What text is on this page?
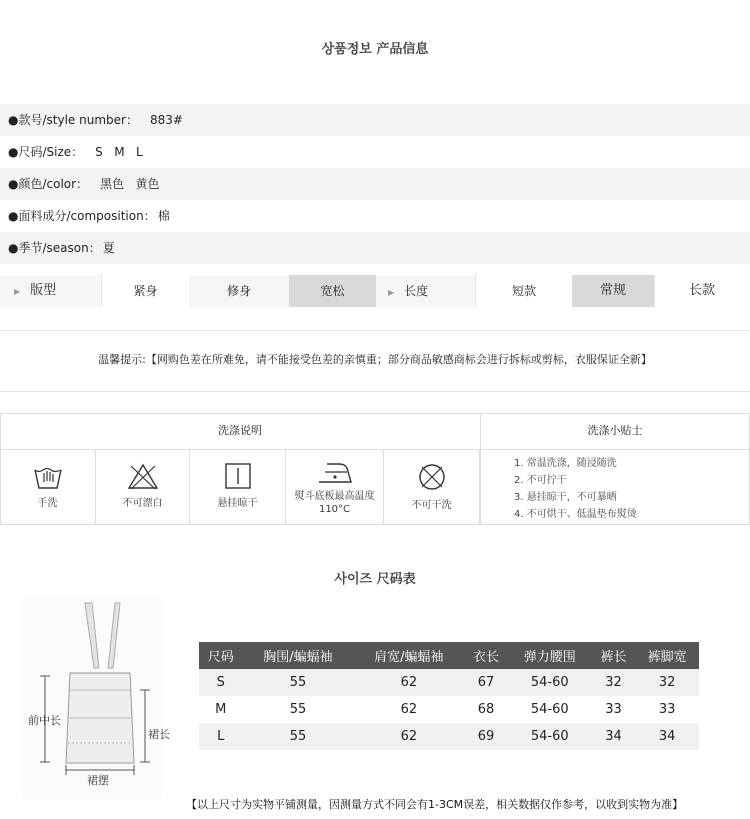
상품정보 产品信息
●款号/style number： 883#
●尺码/Size： S   M   L
●颜色/color： 黑色   黄色
●面料成分/composition： 棉
●季节/season： 夏
▶ 版型	紧身	修身	宽松	▶ 长度	短款	常规	长款
温馨提示:【网购色差在所难免，请不能接受色差的亲慎重；部分商品敏感商标会进行拆标或剪标，衣服保证全新】
洗涤说明	洗涤小贴士
手洗	不可漂白	悬挂晾干
熨斗底板最高温度110°C	不可干洗
1. 常温洗涤，随浸随洗
2. 不可拧干
3. 悬挂晾干，不可暴晒
4. 不可烘干、低温垫布熨烫
사이즈 尺码表
前中长
裙长
裙摆
尺码	胸围/蝙蝠袖	肩宽/蝙蝠袖	衣长	弹力腰围	裤长	裤脚宽
S	55	62	67	54-60	32	32
M	55	62	68	54-60	33	33
L	55	62	69	54-60	34	34
【以上尺寸为实物平铺测量，因测量方式不同会有1-3CM误差，相关数据仅作参考，以收到实物为准】
